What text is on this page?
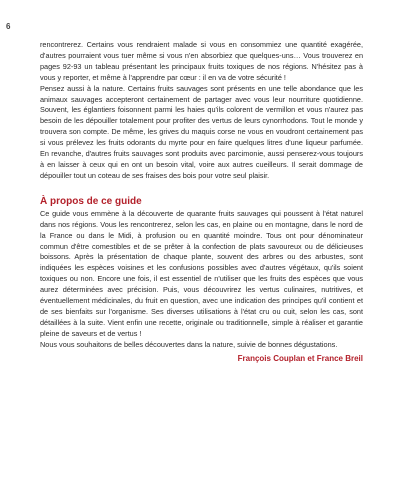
6

rencontrerez. Certains vous rendraient malade si vous en consommiez une quantité exagérée, d'autres pourraient vous tuer même si vous n'en absorbiez que quelques-uns… Vous trouverez en pages 92-93 un tableau présentant les principaux fruits toxiques de nos régions. N'hésitez pas à vous y reporter, et même à l'apprendre par cœur : il en va de votre sécurité !

Pensez aussi à la nature. Certains fruits sauvages sont présents en une telle abondance que les animaux sauvages accepteront certainement de partager avec vous leur nourriture quotidienne. Souvent, les églantiers foisonnent parmi les haies qu'ils colorent de vermillon et vous n'aurez pas besoin de les dépouiller totalement pour profiter des vertus de leurs cynorrhodons. Tout le monde y trouvera son compte. De même, les grives du maquis corse ne vous en voudront certainement pas si vous prélevez les fruits odorants du myrte pour en faire quelques litres d'une liqueur parfumée. En revanche, d'autres fruits sauvages sont produits avec parcimonie, aussi penserez-vous toujours à en laisser à ceux qui en ont un besoin vital, voire aux autres cueilleurs. Il serait dommage de dépouiller tout un coteau de ses fraises des bois pour votre seul plaisir.

À propos de ce guide

Ce guide vous emmène à la découverte de quarante fruits sauvages qui poussent à l'état naturel dans nos régions. Vous les rencontrerez, selon les cas, en plaine ou en montagne, dans le nord de la France ou dans le Midi, à profusion ou en quantité moindre. Tous ont pour dénominateur commun d'être comestibles et de se prêter à la confection de plats savoureux ou de délicieuses boissons. Après la présentation de chaque plante, souvent des arbres ou des arbustes, sont indiquées les espèces voisines et les confusions possibles avec d'autres végétaux, qu'ils soient toxiques ou non. Encore une fois, il est essentiel de n'utiliser que les fruits des espèces que vous aurez déterminées avec précision. Puis, vous découvrirez les vertus culinaires, nutritives, et éventuellement médicinales, du fruit en question, avec une indication des principes qu'il contient et de ses bienfaits sur l'organisme. Ses diverses utilisations à l'état cru ou cuit, selon les cas, sont détaillées à la suite. Vient enfin une recette, originale ou traditionnelle, simple à réaliser et garantie pleine de saveurs et de vertus !

Nous vous souhaitons de belles découvertes dans la nature, suivie de bonnes dégustations.

François Couplan et France Breil
